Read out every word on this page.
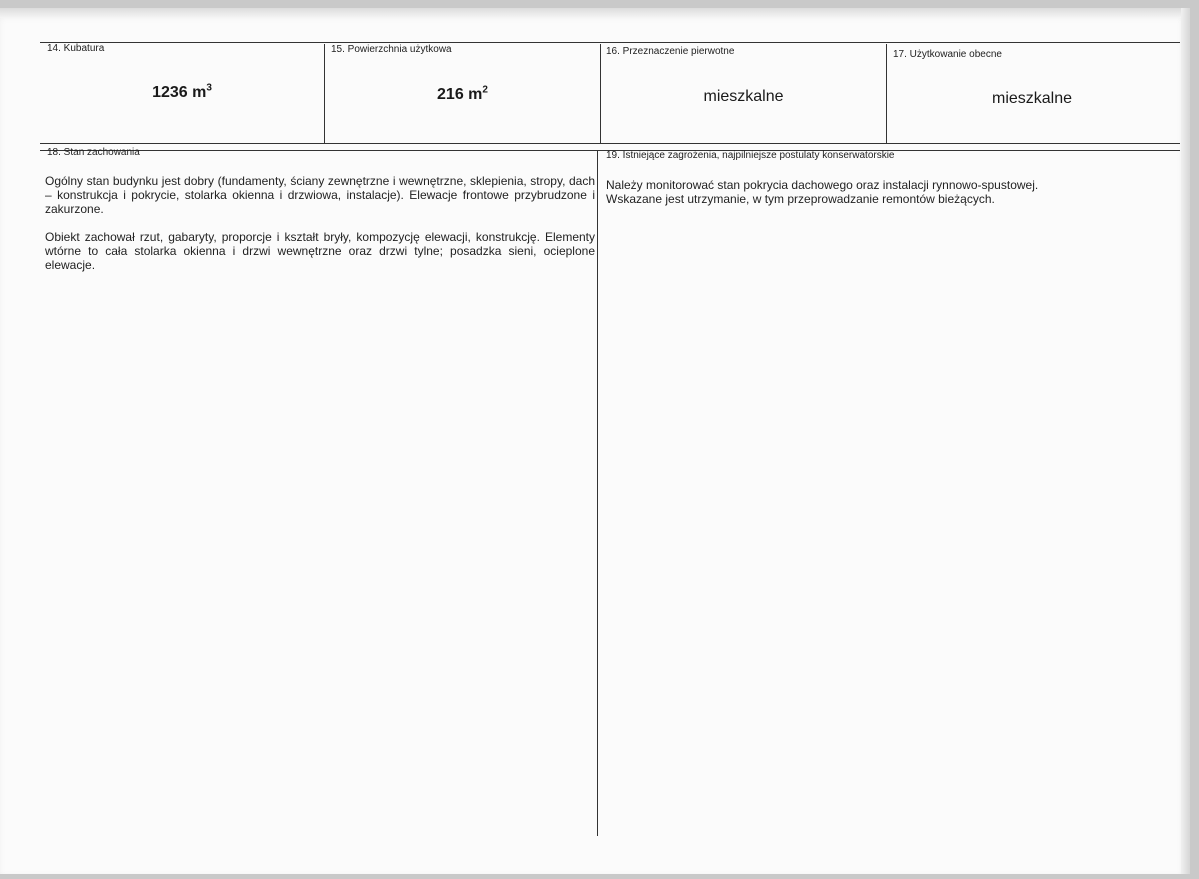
14. Kubatura
1236 $m^3$
15. Powierzchnia użytkowa
216 $m^2$
16. Przeznaczenie pierwotne
mieszkalne
17. Użytkowanie obecne
mieszkalne
18. Stan zachowania

Ogólny stan budynku jest dobry (fundamenty, ściany zewnętrzne i wewnętrzne, sklepienia, stropy, dach – konstrukcja i pokrycie, stolarka okienna i drzwiowa, instalacje). Elewacje frontowe przybrudzone i zakurzone.

Obiekt zachował rzut, gabaryty, proporcje i kształt bryły, kompozycję elewacji, konstrukcję. Elementy wtórne to cała stolarka okienna i drzwi wewnętrzne oraz drzwi tylne; posadzka sieni, ocieplone elewacje.

19. Istniejące zagrożenia, najpilniejsze postulaty konserwatorskie

Należy monitorować stan pokrycia dachowego oraz instalacji rynnowo-spustowej. Wskazane jest utrzymanie, w tym przeprowadzanie remontów bieżących.
